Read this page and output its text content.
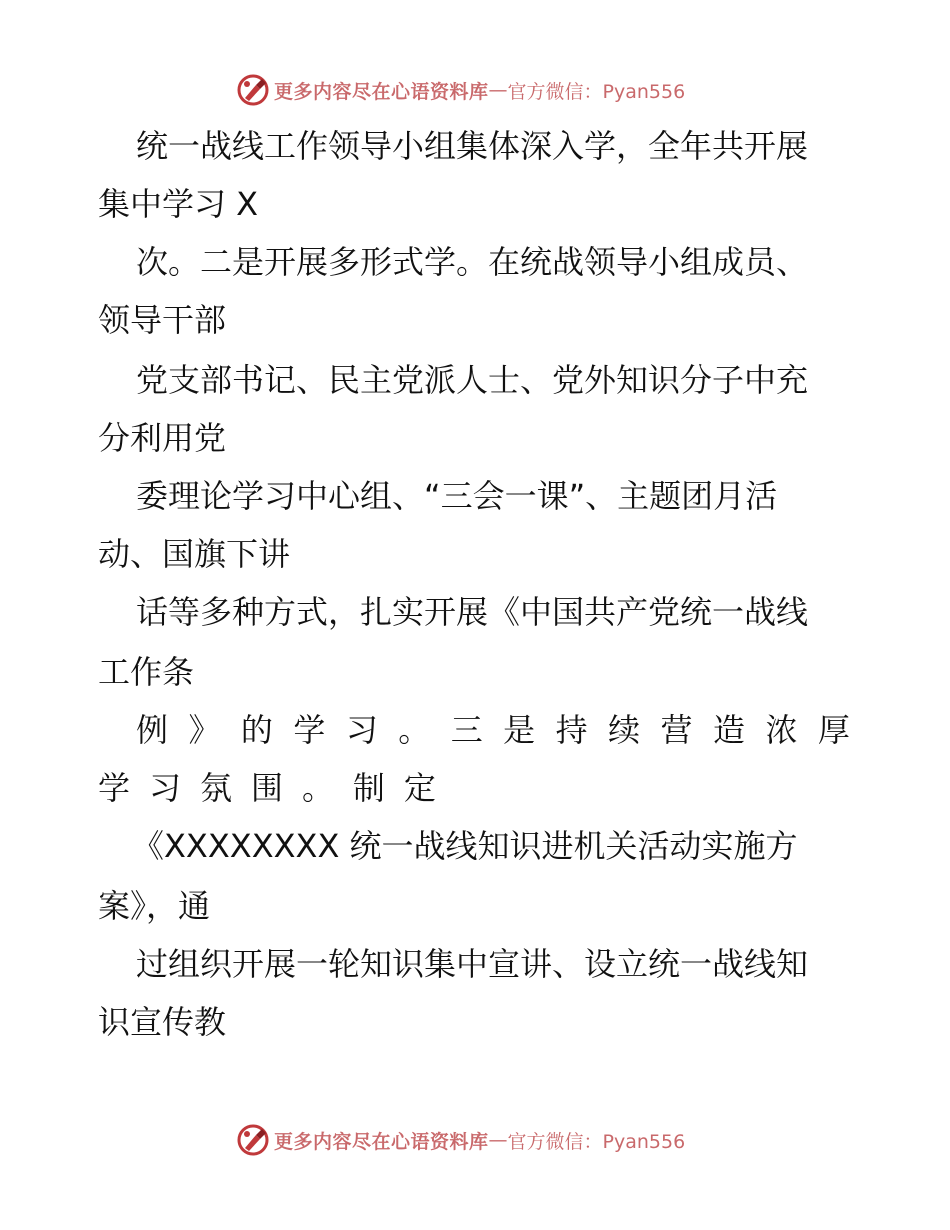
更多内容尽在心语资料库 — 官方微信：Pyan556
统一战线工作领导小组集体深入学，全年共开展
集中学习 X
次。二是开展多形式学。在统战领导小组成员、
领导干部
党支部书记、民主党派人士、党外知识分子中充
分利用党
委理论学习中心组、“三会一课”、主题团月活
动、国旗下讲
话等多种方式，扎实开展《中国共产党统一战线
工作条
例 》 的 学 习 。 三 是 持 续 营 造 浓 厚
学 习 氛 围 。 制 定
《XXXXXXXX 统一战线知识进机关活动实施方
案》，通
过组织开展一轮知识集中宣讲、设立统一战线知
识宣传教
更多内容尽在心语资料库 — 官方微信：Pyan556
